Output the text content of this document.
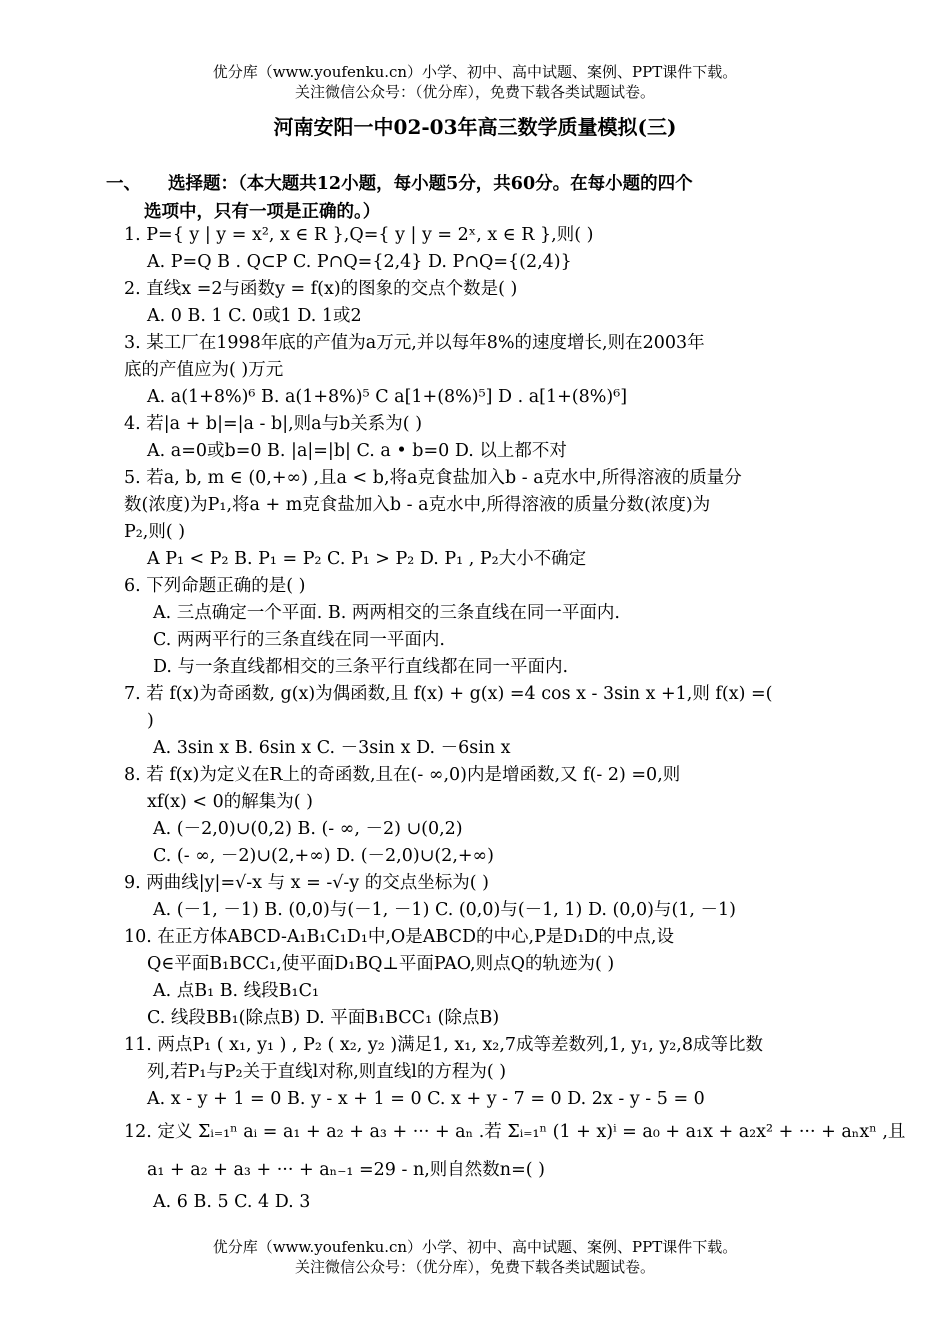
优分库（www.youfenku.cn）小学、初中、高中试题、案例、PPT课件下载。
关注微信公众号：（优分库），免费下载各类试题试卷。
河南安阳一中02-03年高三数学质量模拟(三)
一、 选择题：（本大题共12小题，每小题5分，共60分。在每小题的四个
选项中，只有一项是正确的。）
1. P={ y | y = x², x ∈ R },Q={ y | y = 2ˣ, x ∈ R },则( )
A. P=Q B . Q⊂P C. P∩Q={2,4} D. P∩Q={(2,4)}
2. 直线x =2与函数y = f(x)的图象的交点个数是( )
A. 0 B. 1 C. 0或1 D. 1或2
3. 某工厂在1998年底的产值为a万元,并以每年8%的速度增长,则在2003年
底的产值应为( )万元
A. a(1+8%)⁶ B. a(1+8%)⁵ C a[1+(8%)⁵] D . a[1+(8%)⁶]
4. 若|a + b|=|a - b|,则a与b关系为( )
A. a=0或b=0 B. |a|=|b| C. a • b=0 D. 以上都不对
5. 若a, b, m ∈ (0,+∞) ,且a < b,将a克食盐加入b - a克水中,所得溶液的质量分
数(浓度)为P₁,将a + m克食盐加入b - a克水中,所得溶液的质量分数(浓度)为
P₂,则( )
A P₁ < P₂ B. P₁ = P₂ C. P₁ > P₂ D. P₁ , P₂大小不确定
6. 下列命题正确的是( )
A. 三点确定一个平面. B. 两两相交的三条直线在同一平面内.
C. 两两平行的三条直线在同一平面内.
D. 与一条直线都相交的三条平行直线都在同一平面内.
7. 若 f(x)为奇函数, g(x)为偶函数,且 f(x) + g(x) =4 cos x - 3sin x +1,则 f(x) =(
)
A. 3sin x B. 6sin x C. －3sin x D. －6sin x
8. 若 f(x)为定义在R上的奇函数,且在(- ∞,0)内是增函数,又 f(- 2) =0,则
xf(x) < 0的解集为( )
A. (－2,0)∪(0,2) B. (- ∞, －2) ∪(0,2)
C. (- ∞, －2)∪(2,+∞) D. (－2,0)∪(2,+∞)
9. 两曲线|y|=√-x 与 x = -√-y 的交点坐标为( )
A. (－1, －1) B. (0,0)与(－1, －1) C. (0,0)与(－1, 1) D. (0,0)与(1, －1)
10. 在正方体ABCD-A₁B₁C₁D₁中,O是ABCD的中心,P是D₁D的中点,设
Q∈平面B₁BCC₁,使平面D₁BQ⊥平面PAO,则点Q的轨迹为( )
A. 点B₁ B. 线段B₁C₁
C. 线段BB₁(除点B) D. 平面B₁BCC₁ (除点B)
11. 两点P₁ ( x₁, y₁ ) , P₂ ( x₂, y₂ )满足1, x₁, x₂,7成等差数列,1, y₁, y₂,8成等比数
列,若P₁与P₂关于直线l对称,则直线l的方程为( )
A. x - y + 1 = 0 B. y - x + 1 = 0 C. x + y - 7 = 0 D. 2x - y - 5 = 0
12. 定义 Σᵢ₌₁ⁿ aᵢ = a₁ + a₂ + a₃ + ··· + aₙ .若 Σᵢ₌₁ⁿ (1 + x)ⁱ = a₀ + a₁x + a₂x² + ··· + aₙxⁿ ,且
a₁ + a₂ + a₃ + ··· + aₙ₋₁ =29 - n,则自然数n=( )
A. 6 B. 5 C. 4 D. 3
优分库（www.youfenku.cn）小学、初中、高中试题、案例、PPT课件下载。
关注微信公众号：（优分库），免费下载各类试题试卷。
